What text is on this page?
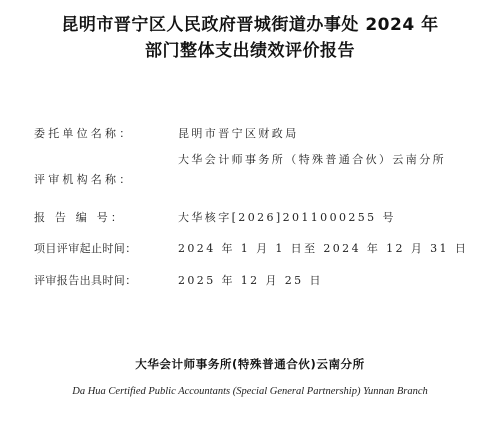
昆明市晋宁区人民政府晋城街道办事处 2024 年
部门整体支出绩效评价报告
委托单位名称：	昆明市晋宁区财政局
评审机构名称：
大华会计师事务所（特殊普通合伙）云南分所
报 告 编 号：	大华核字[2026]2011000255 号
项目评审起止时间：	2024 年 1 月 1 日至 2024 年 12 月 31 日
评审报告出具时间：	2025 年 12 月 25 日
大华会计师事务所(特殊普通合伙)云南分所
Da Hua Certified Public Accountants (Special General Partnership) Yunnan Branch
